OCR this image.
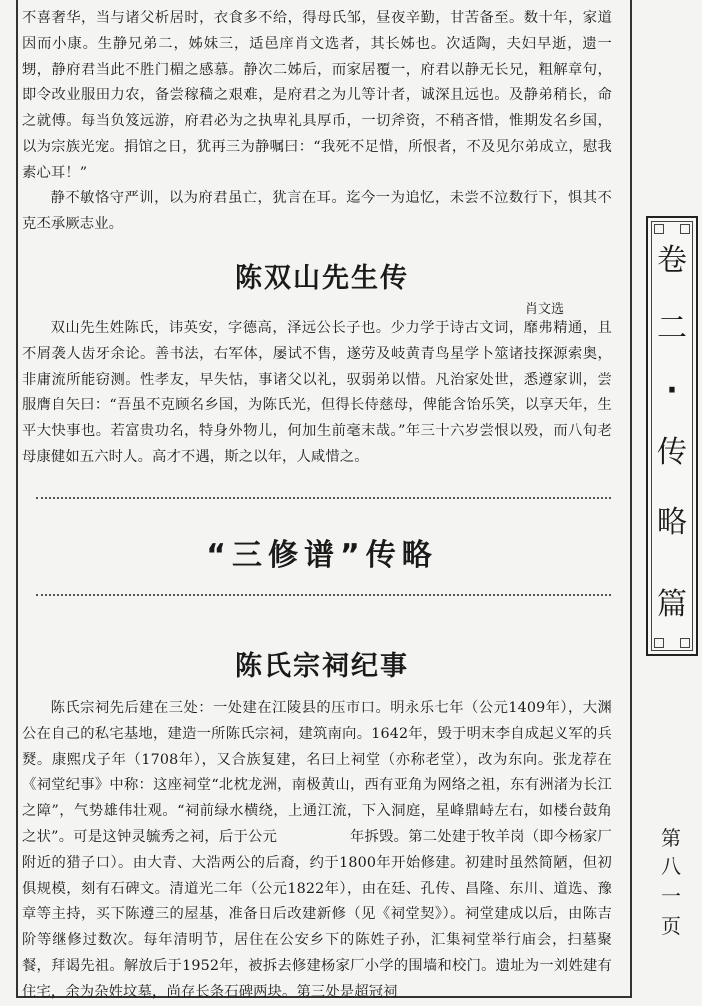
不喜奢华，当与诸父析居时，衣食多不给，得母氏邹，昼夜辛勤，甘苦备至。数十年，家道因而小康。生静兄弟二，姊妹三，适邑庠肖文选者，其长姊也。次适陶，夫妇早逝，遗一甥，静府君当此不胜门楣之感慕。静次二姊后，而家居覆一，府君以静无长兄，粗解章句，即令改业服田力农，备尝稼穑之艰难，是府君之为儿等计者，诚深且远也。及静弟稍长，命之就傅。每当负笈远游，府君必为之执卑礼具厚币，一切斧资，不稍吝惜，惟期发名乡国，以为宗族光宠。捐馆之日，犹再三为静嘱曰：“我死不足惜，所恨者，不及见尔弟成立，慰我素心耳！”

静不敏恪守严训，以为府君虽亡，犹言在耳。迄今一为追忆，未尝不泣数行下，惧其不克丕承厥志业。

陈双山先生传

肖文选

双山先生姓陈氏，讳英安，字德高，泽远公长子也。少力学于诗古文词，靡弗精通，且不屑袭人齿牙余论。善书法，右军体，屡试不售，遂劳及岐黄青鸟星学卜筮诸技探源索奥，非庸流所能窃测。性孝友，早失怙，事诸父以礼，驭弱弟以惜。凡治家处世，悉遵家训，尝服膺自矢曰：“吾虽不克顾名乡国，为陈氏光，但得长侍慈母，俾能含饴乐笑，以享天年，生平大快事也。若富贵功名，特身外物儿，何加生前毫末哉。”年三十六岁尝恨以殁，而八旬老母康健如五六时人。高才不遇，斯之以年，人咸惜之。

“三修谱”传略
陈氏宗祠纪事

陈氏宗祠先后建在三处：一处建在江陵县的压市口。明永乐七年（公元1409年），大渊公在自己的私宅基地，建造一所陈氏宗祠，建筑南向。1642年，毁于明末李自成起义军的兵燹。康熙戊子年（1708年），又合族复建，名曰上祠堂（亦称老堂），改为东向。张龙荐在《祠堂纪事》中称：这座祠堂“北枕龙洲，南极黄山，西有亚角为网络之祖，东有洲渚为长江之障”，气势雄伟壮观。“祠前绿水横绕，上通江流，下入洞庭，星峰鼎峙左右，如楼台鼓角之状”。可是这钟灵毓秀之祠，后于公元　　　　　年拆毁。第二处建于牧羊岗（即今杨家厂附近的猎子口）。由大青、大浩两公的后裔，约于1800年开始修建。初建时虽然简陋，但初俱规模，刻有石碑文。清道光二年（公元1822年），由在廷、孔传、昌隆、东川、道选、豫章等主持，买下陈遵三的屋基，准备日后改建新修（见《祠堂契》）。祠堂建成以后，由陈吉阶等继修过数次。每年清明节，居住在公安乡下的陈姓子孙，汇集祠堂举行庙会，扫墓聚餐，拜谒先祖。解放后于1952年，被拆去修建杨家厂小学的围墙和校门。遗址为一刘姓建有住宅，余为杂姓坟墓，尚存长条石碑两块。第三处是超冠祠

卷
二
·
传
略
篇
第
八
一
页
